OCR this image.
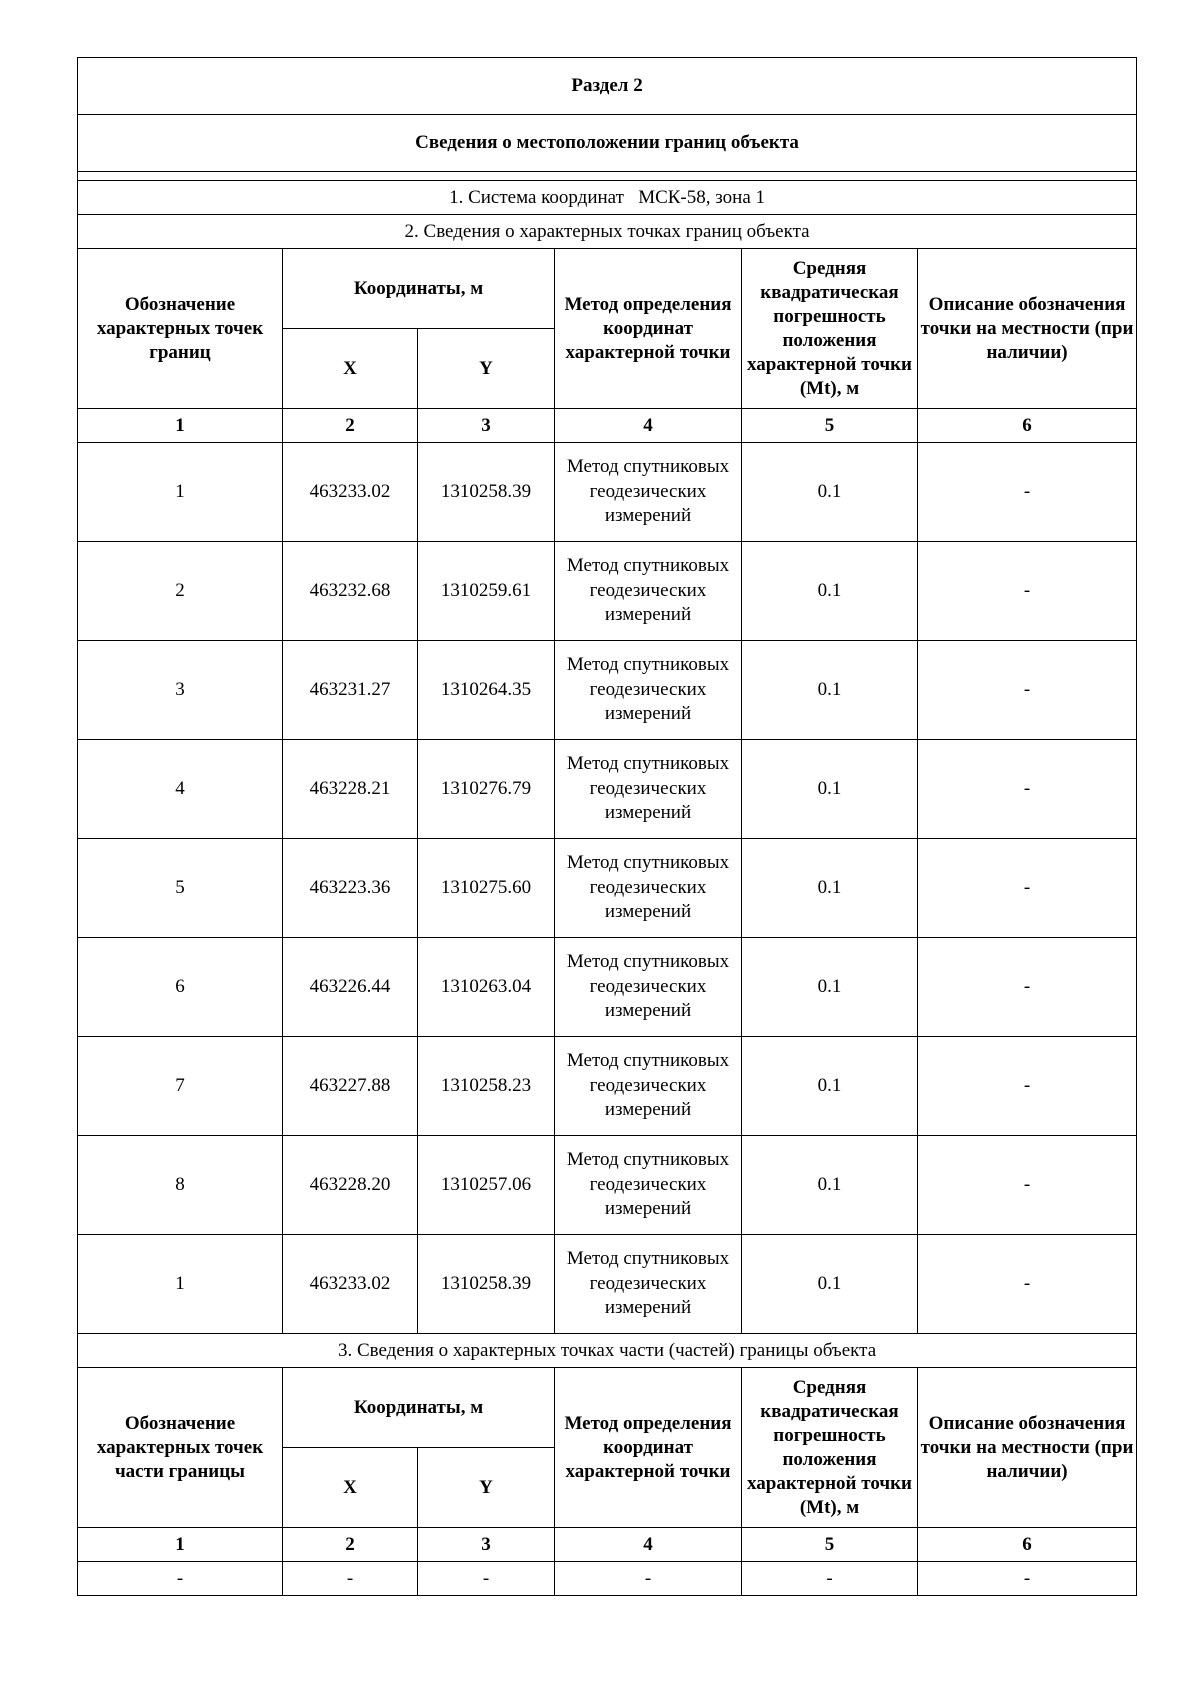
Раздел 2					
Сведения о местоположении границ объекта					

1. Система координат МСК-58, зона 1					
2. Сведения о характерных точках границ объекта					
Обозначение характерных точек границ	Координаты, м		Метод определения координат характерной точки	Средняя квадратическая погрешность положения характерной точки (Mt), м	Описание обозначения точки на местности (при наличии)
	X	Y			
1	2	3	4	5	6
1	463233.02	1310258.39	Метод спутниковых геодезических измерений	0.1	-
2	463232.68	1310259.61	Метод спутниковых геодезических измерений	0.1	-
3	463231.27	1310264.35	Метод спутниковых геодезических измерений	0.1	-
4	463228.21	1310276.79	Метод спутниковых геодезических измерений	0.1	-
5	463223.36	1310275.60	Метод спутниковых геодезических измерений	0.1	-
6	463226.44	1310263.04	Метод спутниковых геодезических измерений	0.1	-
7	463227.88	1310258.23	Метод спутниковых геодезических измерений	0.1	-
8	463228.20	1310257.06	Метод спутниковых геодезических измерений	0.1	-
1	463233.02	1310258.39	Метод спутниковых геодезических измерений	0.1	-
3. Сведения о характерных точках части (частей) границы объекта					
Обозначение характерных точек части границы	Координаты, м		Метод определения координат характерной точки	Средняя квадратическая погрешность положения характерной точки (Mt), м	Описание обозначения точки на местности (при наличии)
	X	Y			
1	2	3	4	5	6
-	-	-	-	-	-
